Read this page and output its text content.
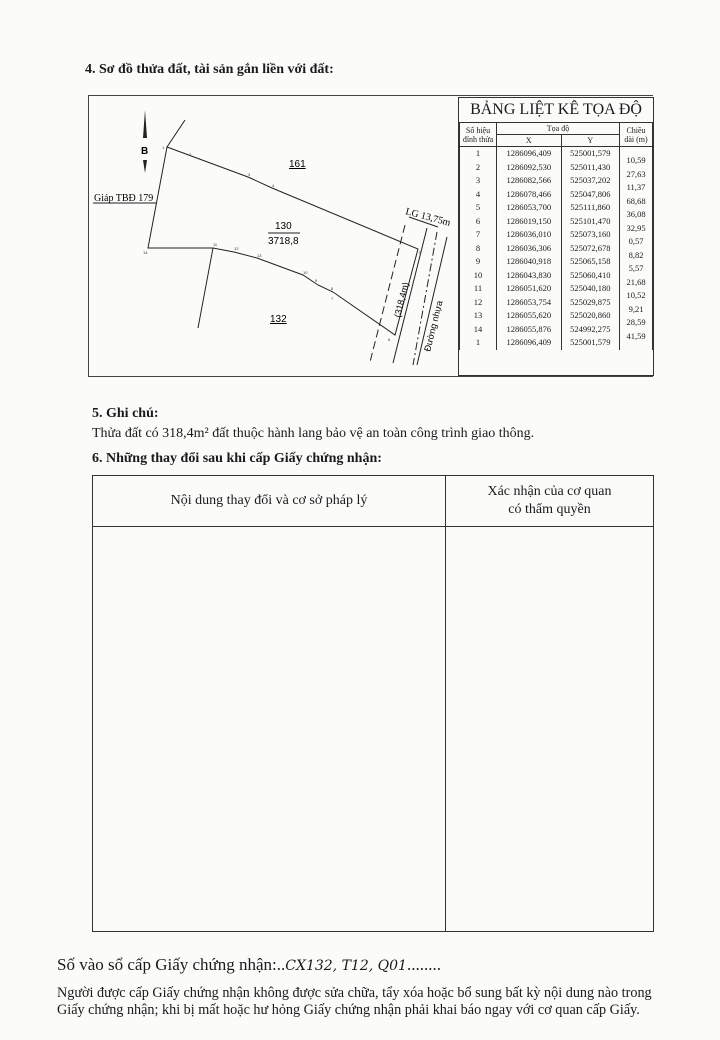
4. Sơ đồ thửa đất, tài sản gắn liền với đất:
B
Giáp TBĐ 179
161
130
3718,8
132
LG 13,75m
(318,4m) Đường nhựa
1
2
3
4
14
11
12
13
10
9
8
7
6
5
BẢNG LIỆT KÊ TỌA ĐỘ
Số hiệu đỉnh thửa	Tọa độ		Chiều dài (m)
	X	Y	
1	1286096,409	525001,579	10,59
2	1286092,530	525011,430	27,63
3	1286082,566	525037,202	11,37
4	1286078,466	525047,806	68,68
5	1286053,700	525111,860	36,08
6	1286019,150	525101,470	32,95
7	1286036,010	525073,160	0,57
8	1286036,306	525072,678	8,82
9	1286040,918	525065,158	5,57
10	1286043,830	525060,410	21,68
11	1286051,620	525040,180	10,52
12	1286053,754	525029,875	9,21
13	1286055,620	525020,860	28,59
14	1286055,876	524992,275	41,59
1	1286096,409	525001,579	
5. Ghi chú:
Thửa đất có 318,4m² đất thuộc hành lang bảo vệ an toàn công trình giao thông.
6. Những thay đổi sau khi cấp Giấy chứng nhận:
Nội dung thay đổi và cơ sở pháp lý
Xác nhận của cơ quan
có thẩm quyền
Số vào sổ cấp Giấy chứng nhận:..CX132, T12, Q01........
Người được cấp Giấy chứng nhận không được sửa chữa, tẩy xóa hoặc bổ sung bất kỳ nội dung nào trong Giấy chứng nhận; khi bị mất hoặc hư hỏng Giấy chứng nhận phải khai báo ngay với cơ quan cấp Giấy.
